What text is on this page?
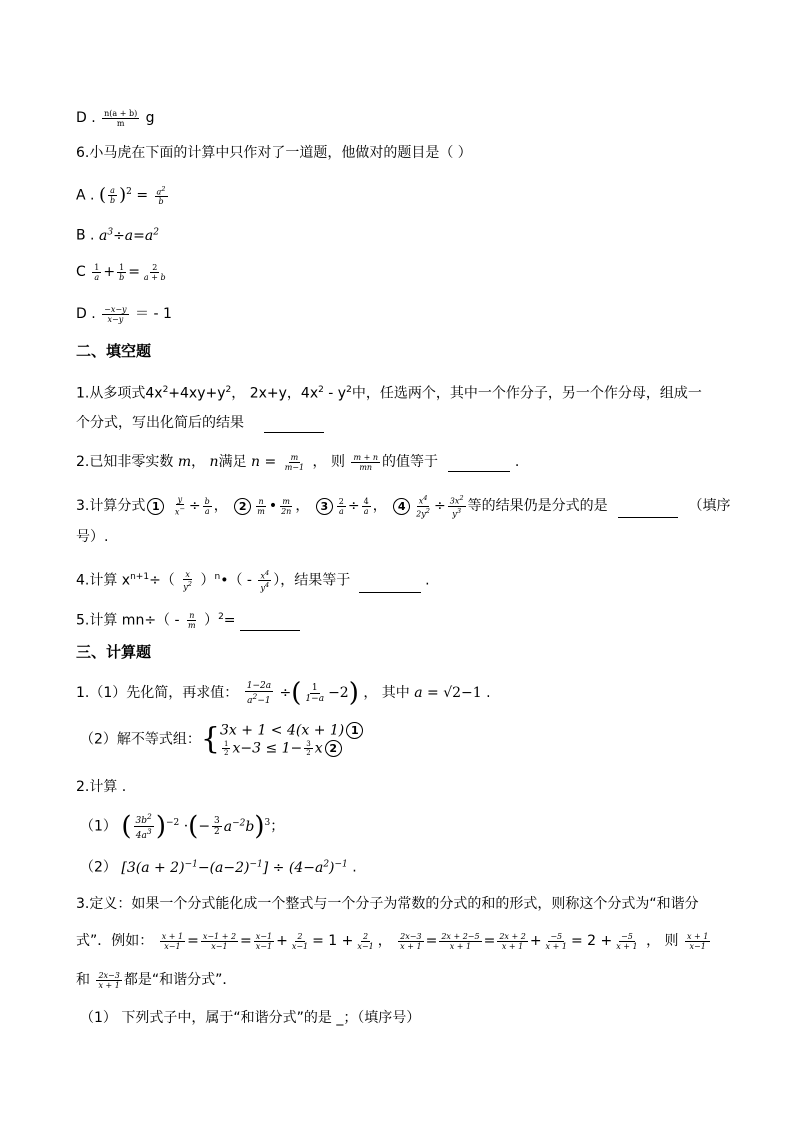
D . $\frac{n(a + b)}{m}$ g
6.小马虎在下面的计算中只作对了一道题，他做对的题目是（ ）
A . ( $\frac{a}{b} )^2 = \frac{a^2}{b}$
B . $a^3\div a=a^2$
C $\frac{1}{a} + \frac{1}{b} = \frac{2}{a + b}$
D . $\frac{-x-y}{x-y}$ ＝ - 1
二、填空题
1.从多项式$4x^2+4xy+y^2$， 2x+y，$4x^2 - y^2$中，任选两个，其中一个作分子，另一个作分母，组成一
个分式，写出化简后的结果
2.已知非零实数 m， n满足 $n = \frac{m}{m-1}$ ， 则 $\frac{m + n}{mn}$ 的值等于	.
3.计算分式 $1 \frac{y}{x^-} \div \frac{b}{a}$ ， $2 \frac{n}{m}$ • $\frac{m}{2n}$ ， $3 \frac{2}{a} \div \frac{4}{a}$ ， $4 \frac{x^4}{2y^2} \div \frac{3x^2}{y^3}$ 等的结果仍是分式的是	（填序
号）.
4.计算 $x^{n+1}\div( \frac{x}{y^2}$ ）$^n•( - \frac{x^4}{y^4}$ ），结果等于	.
5.计算 $mn\div( - \frac{n}{m} )^2=$
三、计算题
1.（1）先化简，再求值： $\frac{1-2a}{a^2-1}$ ÷( $\frac{1}{1-a} -2$) ， 其中 a = √2−1 .
（2）解不等式组：{ 3x + 1 < 4(x + 1) 1
$\frac{1}{2} x-3 \le 1- \frac{3}{2}$ x 2
2.计算 .
（1） ( $\frac{3b^2}{4a^3} )^{-2}$ ·(− $\frac{3}{2} a^{-2}b)^3$；
（2） $[3(a + 2)^{-1}-(a-2)^{-1}] \div (4-a^2)^{-1}$ .
3.定义：如果一个分式能化成一个整式与一个分子为常数的分式的和的形式，则称这个分式为“和谐分
式”．例如： $\frac{x + 1}{x-1} = \frac{x-1 + 2}{x-1} = \frac{x-1}{x-1} + \frac{2}{x-1} = 1 + \frac{2}{x-1}$ ， $\frac{2x-3}{x + 1} = \frac{2x + 2-5}{x + 1} = \frac{2x + 2}{x + 1} + \frac{-5}{x + 1} = 2 + \frac{-5}{x + 1}$ ， 则 $\frac{x + 1}{x-1}$
和 $\frac{2x-3}{x + 1}$ 都是“和谐分式”．
（1） 下列式子中，属于“和谐分式”的是 _；（填序号）
